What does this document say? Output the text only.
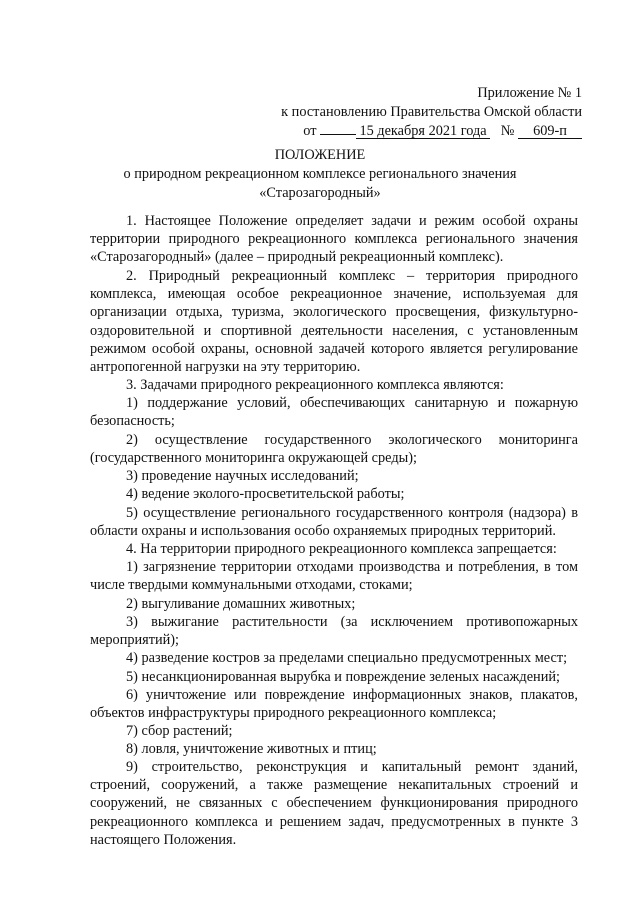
Приложение № 1
к постановлению Правительства Омской области
от	15 декабря 2021 года № 609-п
ПОЛОЖЕНИЕ
о природном рекреационном комплексе регионального значения
«Старозагородный»

1. Настоящее Положение определяет задачи и режим особой охраны территории природного рекреационного комплекса регионального значения «Старозагородный» (далее – природный рекреационный комплекс).

2. Природный рекреационный комплекс – территория природного комплекса, имеющая особое рекреационное значение, используемая для организации отдыха, туризма, экологического просвещения, физкультурно-оздоровительной и спортивной деятельности населения, с установленным режимом особой охраны, основной задачей которого является регулирование антропогенной нагрузки на эту территорию.

3. Задачами природного рекреационного комплекса являются:

1) поддержание условий, обеспечивающих санитарную и пожарную безопасность;

2) осуществление государственного экологического мониторинга (государственного мониторинга окружающей среды);

3) проведение научных исследований;

4) ведение эколого-просветительской работы;

5) осуществление регионального государственного контроля (надзора) в области охраны и использования особо охраняемых природных территорий.

4. На территории природного рекреационного комплекса запрещается:

1) загрязнение территории отходами производства и потребления, в том числе твердыми коммунальными отходами, стоками;

2) выгуливание домашних животных;

3) выжигание растительности (за исключением противопожарных мероприятий);

4) разведение костров за пределами специально предусмотренных мест;

5) несанкционированная вырубка и повреждение зеленых насаждений;

6) уничтожение или повреждение информационных знаков, плакатов, объектов инфраструктуры природного рекреационного комплекса;

7) сбор растений;

8) ловля, уничтожение животных и птиц;

9) строительство, реконструкция и капитальный ремонт зданий, строений, сооружений, а также размещение некапитальных строений и сооружений, не связанных с обеспечением функционирования природного рекреационного комплекса и решением задач, предусмотренных в пункте 3 настоящего Положения.
